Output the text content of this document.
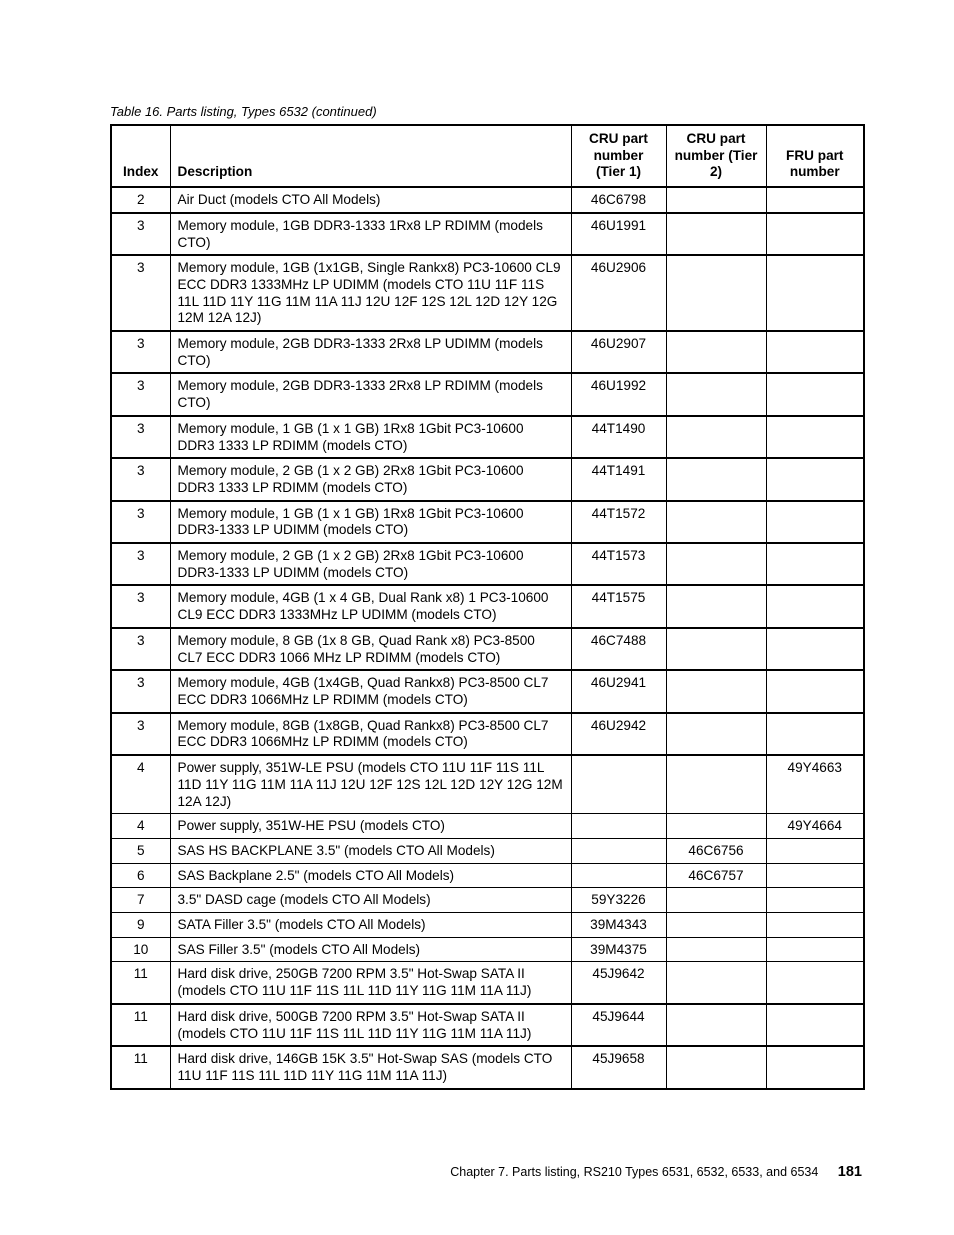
Table 16. Parts listing, Types 6532 (continued)
Index	Description	CRU part number (Tier 1)	CRU part number (Tier 2)	FRU part number
2	Air Duct (models CTO All Models)	46C6798		
3	Memory module, 1GB DDR3-1333 1Rx8 LP RDIMM (models CTO)	46U1991		
3	Memory module, 1GB (1x1GB, Single Rankx8) PC3-10600 CL9 ECC DDR3 1333MHz LP UDIMM (models CTO 11U 11F 11S 11L 11D 11Y 11G 11M 11A 11J 12U 12F 12S 12L 12D 12Y 12G 12M 12A 12J)	46U2906		
3	Memory module, 2GB DDR3-1333 2Rx8 LP UDIMM (models CTO)	46U2907		
3	Memory module, 2GB DDR3-1333 2Rx8 LP RDIMM (models CTO)	46U1992		
3	Memory module, 1 GB (1 x 1 GB) 1Rx8 1Gbit PC3-10600 DDR3 1333 LP RDIMM (models CTO)	44T1490		
3	Memory module, 2 GB (1 x 2 GB) 2Rx8 1Gbit PC3-10600 DDR3 1333 LP RDIMM (models CTO)	44T1491		
3	Memory module, 1 GB (1 x 1 GB) 1Rx8 1Gbit PC3-10600 DDR3-1333 LP UDIMM (models CTO)	44T1572		
3	Memory module, 2 GB (1 x 2 GB) 2Rx8 1Gbit PC3-10600 DDR3-1333 LP UDIMM (models CTO)	44T1573		
3	Memory module, 4GB (1 x 4 GB, Dual Rank x8) 1 PC3-10600 CL9 ECC DDR3 1333MHz LP UDIMM (models CTO)	44T1575		
3	Memory module, 8 GB (1x 8 GB, Quad Rank x8) PC3-8500 CL7 ECC DDR3 1066 MHz LP RDIMM (models CTO)	46C7488		
3	Memory module, 4GB (1x4GB, Quad Rankx8) PC3-8500 CL7 ECC DDR3 1066MHz LP RDIMM (models CTO)	46U2941		
3	Memory module, 8GB (1x8GB, Quad Rankx8) PC3-8500 CL7 ECC DDR3 1066MHz LP RDIMM (models CTO)	46U2942		
4	Power supply, 351W-LE PSU (models CTO 11U 11F 11S 11L 11D 11Y 11G 11M 11A 11J 12U 12F 12S 12L 12D 12Y 12G 12M 12A 12J)			49Y4663
4	Power supply, 351W-HE PSU (models CTO)			49Y4664
5	SAS HS BACKPLANE 3.5" (models CTO All Models)		46C6756	
6	SAS Backplane 2.5" (models CTO All Models)		46C6757	
7	3.5" DASD cage (models CTO All Models)	59Y3226		
9	SATA Filler 3.5" (models CTO All Models)	39M4343		
10	SAS Filler 3.5" (models CTO All Models)	39M4375		
11	Hard disk drive, 250GB 7200 RPM 3.5" Hot-Swap SATA II (models CTO 11U 11F 11S 11L 11D 11Y 11G 11M 11A 11J)	45J9642		
11	Hard disk drive, 500GB 7200 RPM 3.5" Hot-Swap SATA II (models CTO 11U 11F 11S 11L 11D 11Y 11G 11M 11A 11J)	45J9644		
11	Hard disk drive, 146GB 15K 3.5" Hot-Swap SAS (models CTO 11U 11F 11S 11L 11D 11Y 11G 11M 11A 11J)	45J9658		
Chapter 7. Parts listing, RS210 Types 6531, 6532, 6533, and 6534 181
